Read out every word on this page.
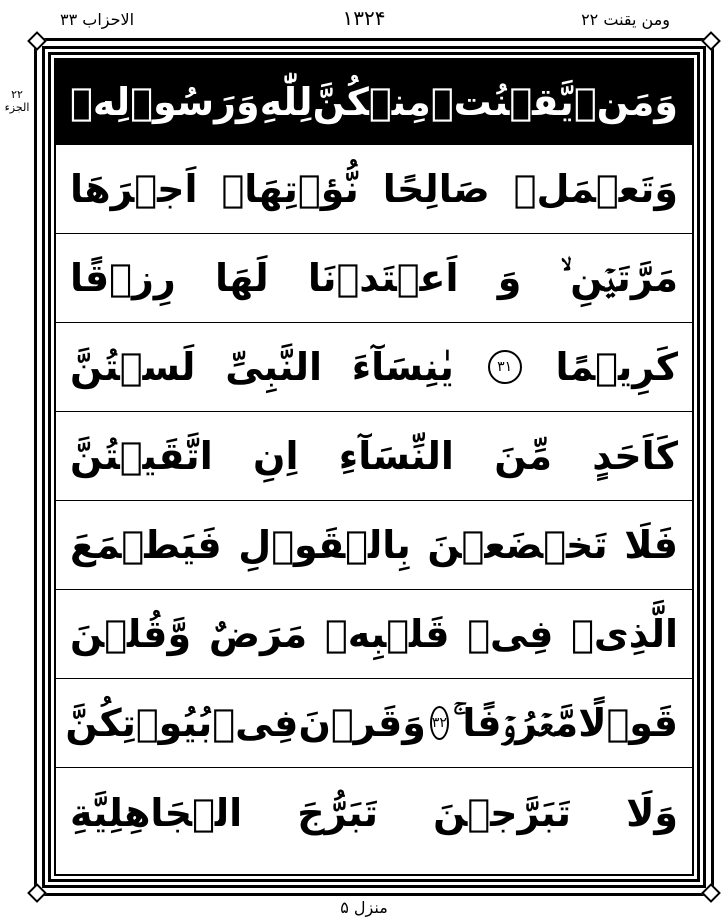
ومن یقنت ۲۲
۱۳۲۴
الاحزاب ۳۳
۲۲
الجزء	وَمَنۡ
یَّقۡنُتۡ
مِنۡكُنَّ
لِلّٰهِ
وَرَسُوۡلِهٖ
وَتَعۡمَلۡ
صَالِحًا
نُّؤۡتِهَاۤ
اَجۡرَهَا
مَرَّتَیۡنِ ۙ
وَ
اَعۡتَدۡنَا
لَهَا
رِزۡقًا
كَرِیۡمًا
٣١
یٰنِسَآءَ
النَّبِیِّ
لَسۡتُنَّ
كَاَحَدٍ
مِّنَ
النِّسَآءِ
اِنِ
اتَّقَیۡتُنَّ
فَلَا
تَخۡضَعۡنَ
بِالۡقَوۡلِ
فَیَطۡمَعَ
الَّذِیۡ
فِیۡ
قَلۡبِهٖ
مَرَضٌ
وَّقُلۡنَ
قَوۡلًا
مَّعۡرُوۡفًا ۚ
٣٢
وَقَرۡنَ
فِیۡ
بُیُوۡتِكُنَّ
وَلَا
تَبَرَّجۡنَ
تَبَرُّجَ
الۡجَاهِلِیَّةِ
منزل ۵
